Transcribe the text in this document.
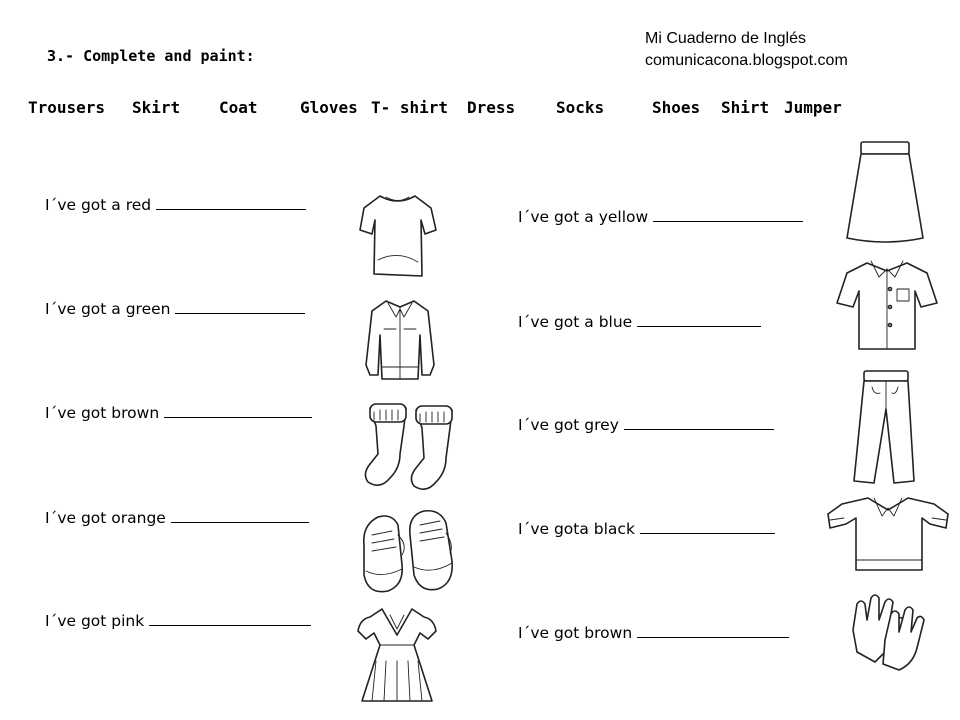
3.- Complete and paint:
Mi Cuaderno de Inglés
comunicacona.blogspot.com
Trousers Skirt Coat	Gloves T- shirt Dress	Socks	Shoes Shirt Jumper
I´ve got a red
I´ve got a green
I´ve got brown
I´ve got orange
I´ve got pink
I´ve got a yellow
I´ve got a blue
I´ve got grey
I´ve gota black
I´ve got brown
